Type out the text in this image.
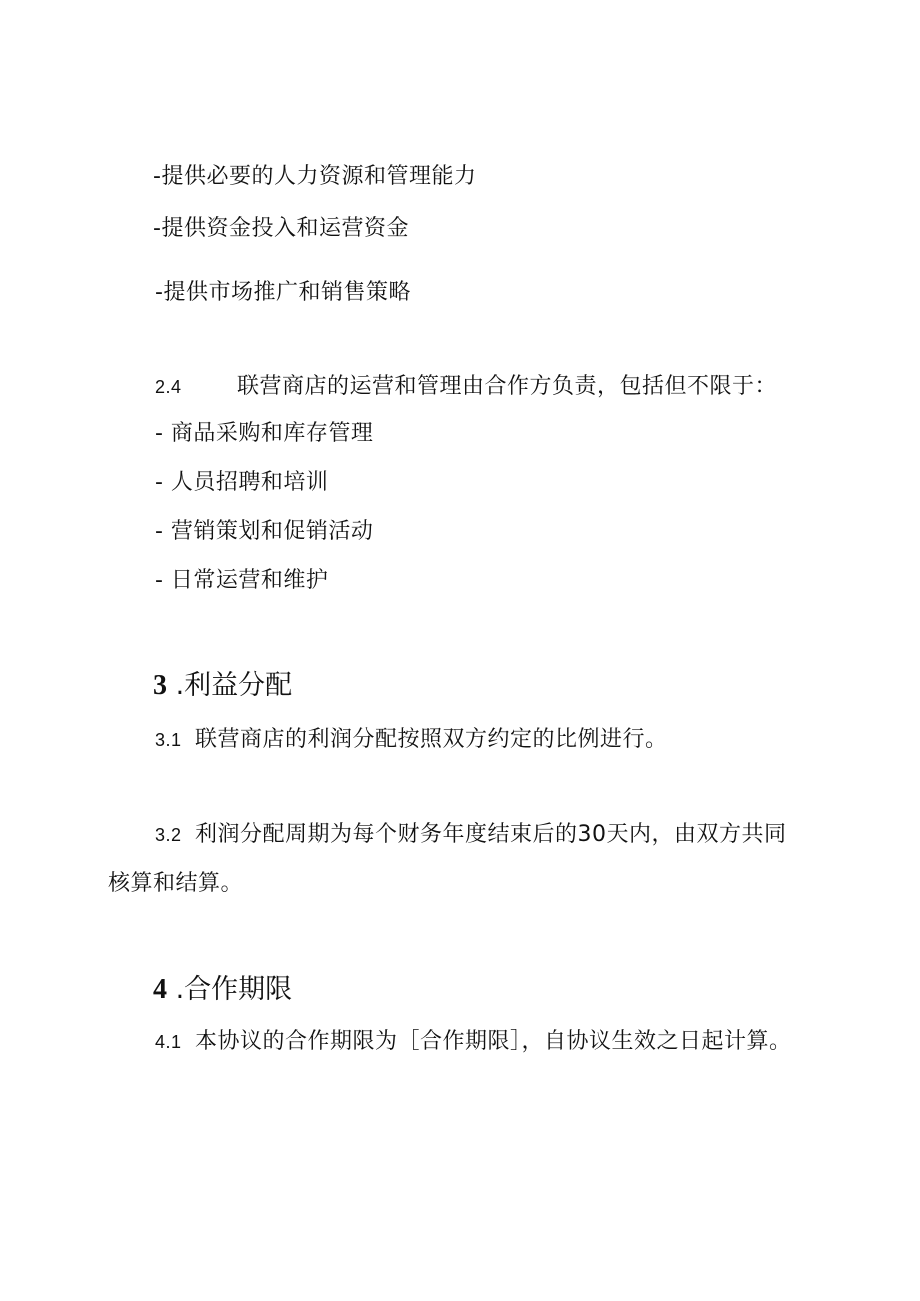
-提供必要的人力资源和管理能力
-提供资金投入和运营资金
-提供市场推广和销售策略
2.4	联营商店的运营和管理由合作方负责，包括但不限于：
- 商品采购和库存管理
- 人员招聘和培训
- 营销策划和促销活动
- 日常运营和维护
3 .利益分配
3.1 联营商店的利润分配按照双方约定的比例进行。
3.2 利润分配周期为每个财务年度结束后的30天内，由双方共同
核算和结算。
4 .合作期限
4.1 本协议的合作期限为［合作期限］，自协议生效之日起计算。
